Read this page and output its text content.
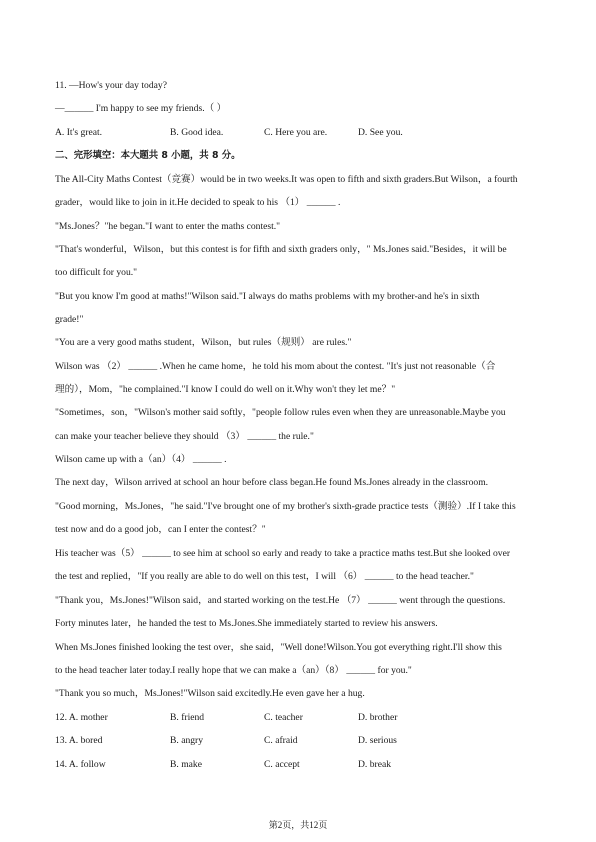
11. —How's your day today?
—______ I'm happy to see my friends.（ ）
A. It's great.	B. Good idea.	C. Here you are.	D. See you.
二、完形填空：本大题共 8 小题，共 8 分。
The All-City Maths Contest（竞赛）would be in two weeks.It was open to fifth and sixth graders.But Wilson，a fourth
grader，would like to join in it.He decided to speak to his （1） ______ .
"Ms.Jones？"he began."I want to enter the maths contest."
"That's wonderful，Wilson，but this contest is for fifth and sixth graders only，" Ms.Jones said."Besides，it will be
too difficult for you."
"But you know I'm good at maths!"Wilson said."I always do maths problems with my brother-and he's in sixth
grade!"
"You are a very good maths student，Wilson，but rules（规则） are rules."
Wilson was （2） ______ .When he came home，he told his mom about the contest. "It's just not reasonable（合
理的），Mom，"he complained."I know I could do well on it.Why won't they let me？"
"Sometimes，son，"Wilson's mother said softly，"people follow rules even when they are unreasonable.Maybe you
can make your teacher believe they should （3） ______ the rule."
Wilson came up with a（an）（4） ______ .
The next day，Wilson arrived at school an hour before class began.He found Ms.Jones already in the classroom.
"Good morning，Ms.Jones，"he said."I've brought one of my brother's sixth-grade practice tests（测验）.If I take this
test now and do a good job，can I enter the contest？"
His teacher was（5） ______ to see him at school so early and ready to take a practice maths test.But she looked over
the test and replied，"If you really are able to do well on this test，I will （6） ______ to the head teacher."
"Thank you，Ms.Jones!"Wilson said，and started working on the test.He （7） ______ went through the questions.
Forty minutes later，he handed the test to Ms.Jones.She immediately started to review his answers.
When Ms.Jones finished looking the test over，she said，"Well done!Wilson.You got everything right.I'll show this
to the head teacher later today.I really hope that we can make a（an）（8） ______ for you."
"Thank you so much，Ms.Jones!"Wilson said excitedly.He even gave her a hug.
12. A. mother	B. friend	C. teacher	D. brother
13. A. bored	B. angry	C. afraid	D. serious
14. A. follow	B. make	C. accept	D. break
第2页，共12页
